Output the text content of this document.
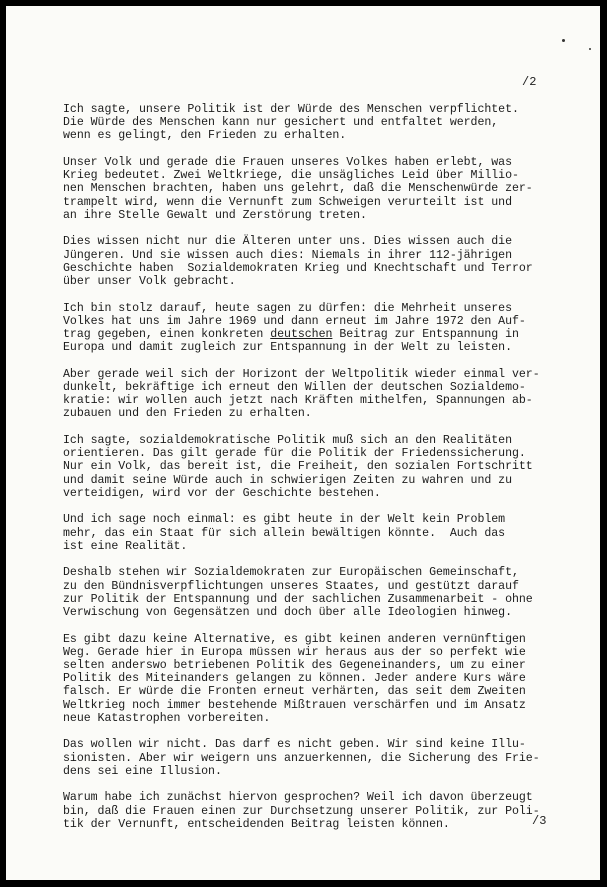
/2
Ich sagte, unsere Politik ist der Würde des Menschen verpflichtet.
Die Würde des Menschen kann nur gesichert und entfaltet werden,
wenn es gelingt, den Frieden zu erhalten.
Unser Volk und gerade die Frauen unseres Volkes haben erlebt, was
Krieg bedeutet. Zwei Weltkriege, die unsägliches Leid über Millio-
nen Menschen brachten, haben uns gelehrt, daß die Menschenwürde zer-
trampelt wird, wenn die Vernunft zum Schweigen verurteilt ist und
an ihre Stelle Gewalt und Zerstörung treten.
Dies wissen nicht nur die Älteren unter uns. Dies wissen auch die
Jüngeren. Und sie wissen auch dies: Niemals in ihrer 112-jährigen
Geschichte haben  Sozialdemokraten Krieg und Knechtschaft und Terror
über unser Volk gebracht.
Ich bin stolz darauf, heute sagen zu dürfen: die Mehrheit unseres
Volkes hat uns im Jahre 1969 und dann erneut im Jahre 1972 den Auf-
trag gegeben, einen konkreten deutschen Beitrag zur Entspannung in
Europa und damit zugleich zur Entspannung in der Welt zu leisten.
Aber gerade weil sich der Horizont der Weltpolitik wieder einmal ver-
dunkelt, bekräftige ich erneut den Willen der deutschen Sozialdemo-
kratie: wir wollen auch jetzt nach Kräften mithelfen, Spannungen ab-
zubauen und den Frieden zu erhalten.
Ich sagte, sozialdemokratische Politik muß sich an den Realitäten
orientieren. Das gilt gerade für die Politik der Friedenssicherung.
Nur ein Volk, das bereit ist, die Freiheit, den sozialen Fortschritt
und damit seine Würde auch in schwierigen Zeiten zu wahren und zu
verteidigen, wird vor der Geschichte bestehen.
Und ich sage noch einmal: es gibt heute in der Welt kein Problem
mehr, das ein Staat für sich allein bewältigen könnte.  Auch das
ist eine Realität.
Deshalb stehen wir Sozialdemokraten zur Europäischen Gemeinschaft,
zu den Bündnisverpflichtungen unseres Staates, und gestützt darauf
zur Politik der Entspannung und der sachlichen Zusammenarbeit - ohne
Verwischung von Gegensätzen und doch über alle Ideologien hinweg.
Es gibt dazu keine Alternative, es gibt keinen anderen vernünftigen
Weg. Gerade hier in Europa müssen wir heraus aus der so perfekt wie
selten anderswo betriebenen Politik des Gegeneinanders, um zu einer
Politik des Miteinanders gelangen zu können. Jeder andere Kurs wäre
falsch. Er würde die Fronten erneut verhärten, das seit dem Zweiten
Weltkrieg noch immer bestehende Mißtrauen verschärfen und im Ansatz
neue Katastrophen vorbereiten.
Das wollen wir nicht. Das darf es nicht geben. Wir sind keine Illu-
sionisten. Aber wir weigern uns anzuerkennen, die Sicherung des Frie-
dens sei eine Illusion.
Warum habe ich zunächst hiervon gesprochen? Weil ich davon überzeugt
bin, daß die Frauen einen zur Durchsetzung unserer Politik, zur Poli-
tik der Vernunft, entscheidenden Beitrag leisten können.	/3
